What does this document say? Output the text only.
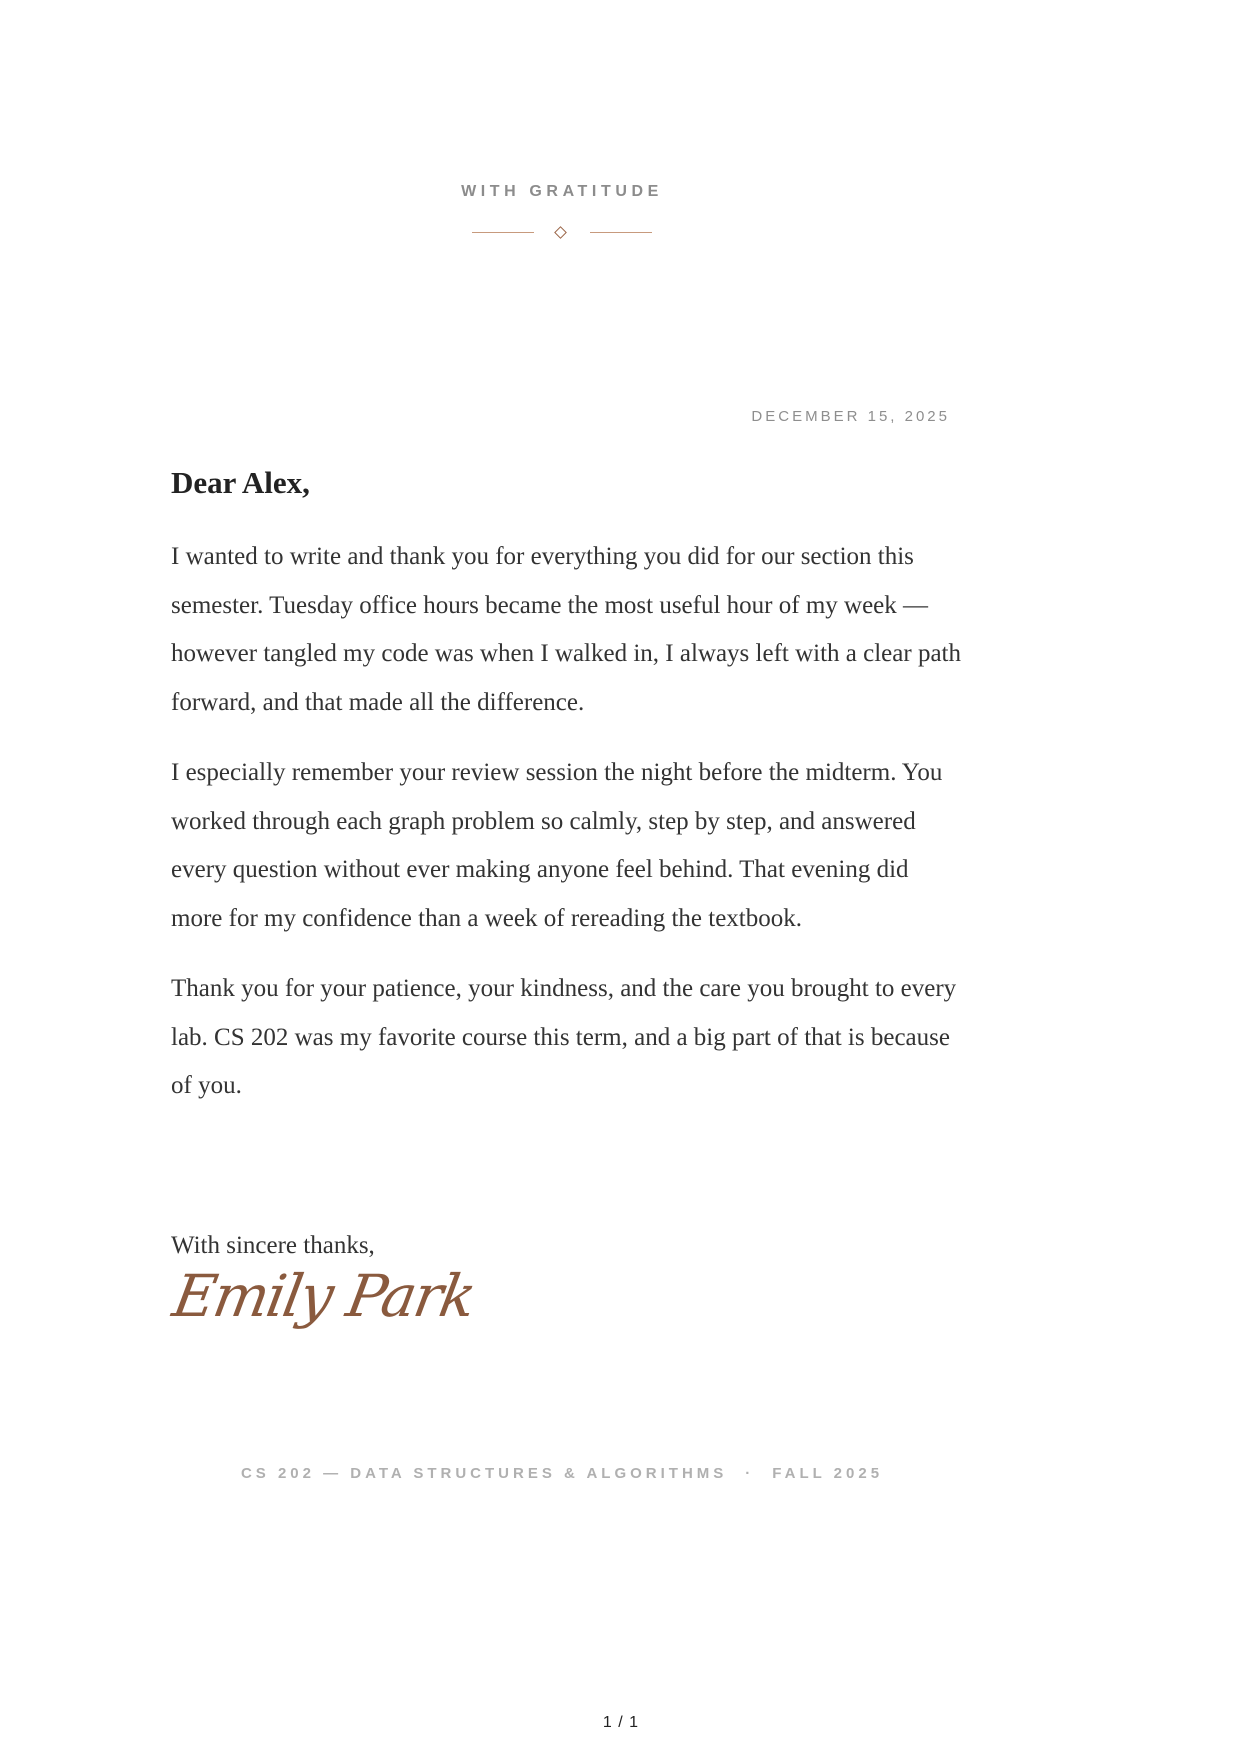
WITH GRATITUDE
DECEMBER 15, 2025
Dear Alex,

I wanted to write and thank you for everything you did for our section this semester. Tuesday office hours became the most useful hour of my week — however tangled my code was when I walked in, I always left with a clear path forward, and that made all the difference.

I especially remember your review session the night before the midterm. You worked through each graph problem so calmly, step by step, and answered every question without ever making anyone feel behind. That evening did more for my confidence than a week of rereading the textbook.

Thank you for your patience, your kindness, and the care you brought to every lab. CS 202 was my favorite course this term, and a big part of that is because of you.

With sincere thanks,
Emily Park
CS 202 — DATA STRUCTURES & ALGORITHMS · FALL 2025
1 / 1
